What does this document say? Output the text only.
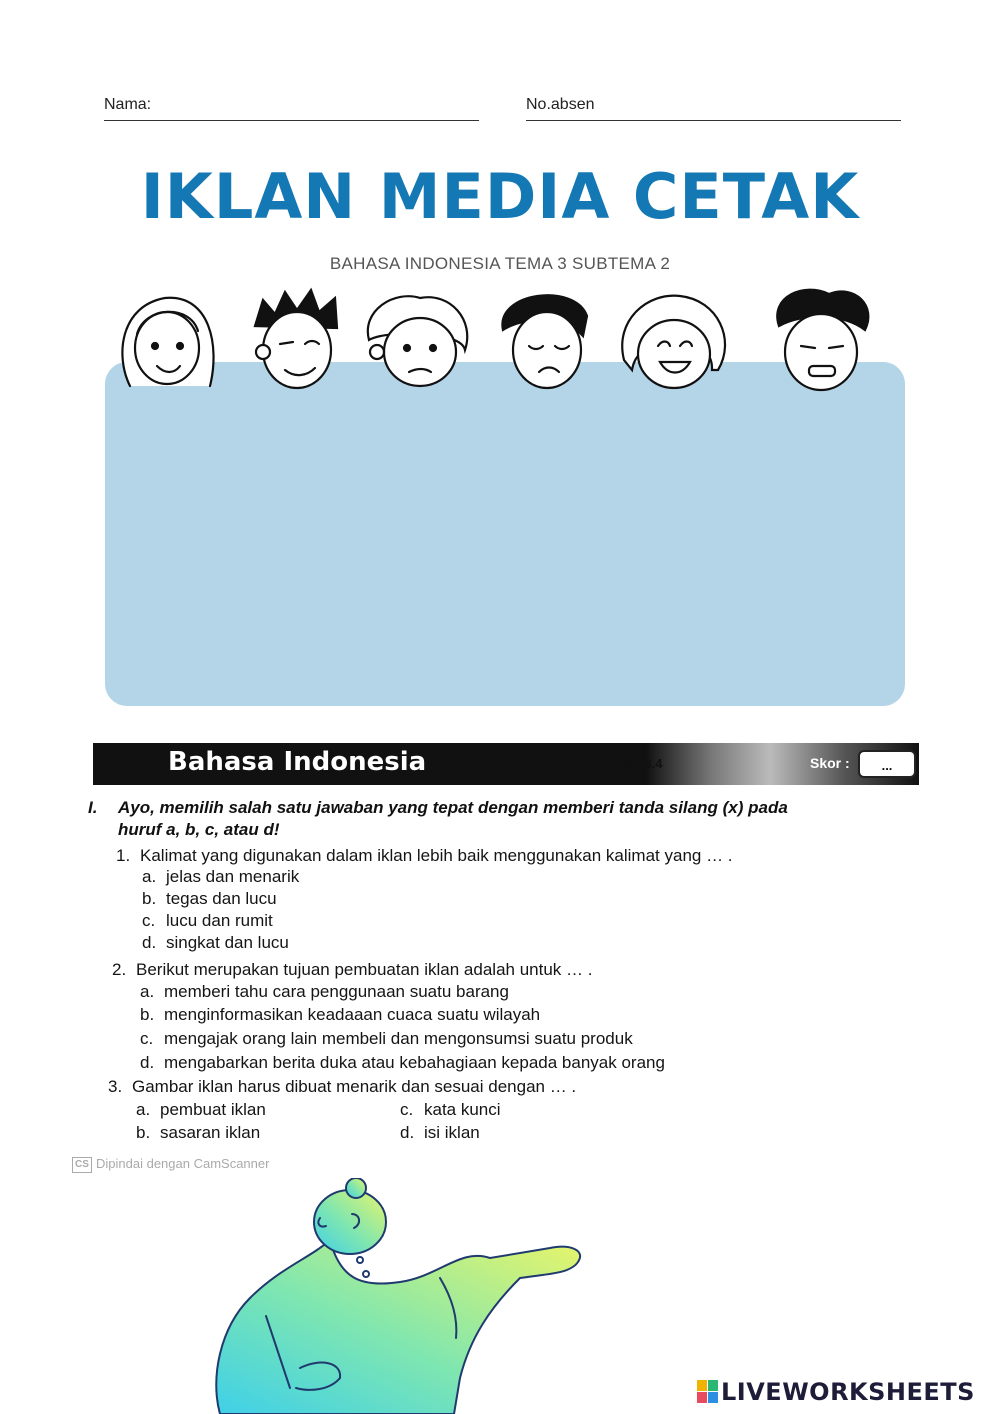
Nama:	No.absen
IKLAN MEDIA CETAK
BAHASA INDONESIA TEMA 3 SUBTEMA 2
Bahasa Indonesia	KD 3.4	Skor :	...
I. Ayo, memilih salah satu jawaban yang tepat dengan memberi tanda silang (x) pada
huruf a, b, c, atau d!
1. Kalimat yang digunakan dalam iklan lebih baik menggunakan kalimat yang … .
a. jelas dan menarik
b. tegas dan lucu
c. lucu dan rumit
d. singkat dan lucu
2. Berikut merupakan tujuan pembuatan iklan adalah untuk … .
a. memberi tahu cara penggunaan suatu barang
b. menginformasikan keadaaan cuaca suatu wilayah
c. mengajak orang lain membeli dan mengonsumsi suatu produk
d. mengabarkan berita duka atau kebahagiaan kepada banyak orang
3. Gambar iklan harus dibuat menarik dan sesuai dengan … .
a. pembuat iklan
b. sasaran iklan
c. kata kunci
d. isi iklan
CS Dipindai dengan CamScanner
LIVEWORKSHEETS
